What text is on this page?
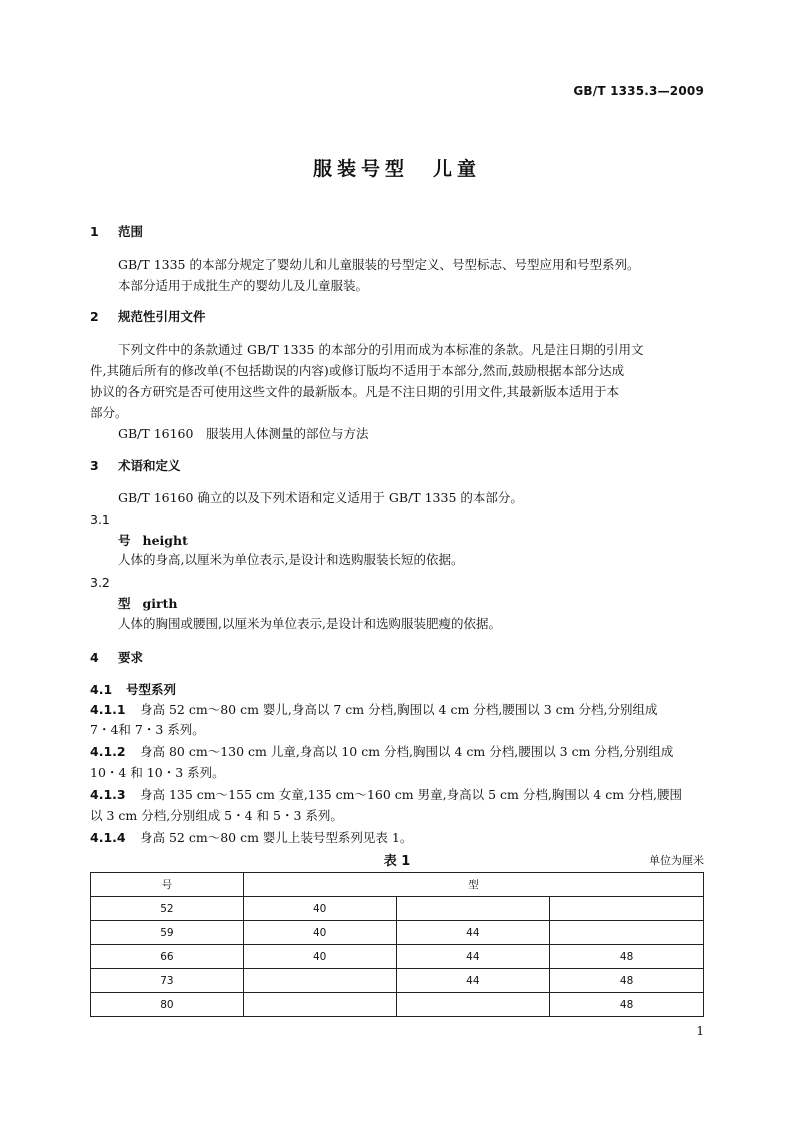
GB/T 1335.3—2009
服装号型　儿童
1 范围
GB/T 1335 的本部分规定了婴幼儿和儿童服装的号型定义、号型标志、号型应用和号型系列。
本部分适用于成批生产的婴幼儿及儿童服装。
2 规范性引用文件
下列文件中的条款通过 GB/T 1335 的本部分的引用而成为本标准的条款。凡是注日期的引用文
件,其随后所有的修改单(不包括勘误的内容)或修订版均不适用于本部分,然而,鼓励根据本部分达成
协议的各方研究是否可使用这些文件的最新版本。凡是不注日期的引用文件,其最新版本适用于本
部分。
GB/T 16160　服装用人体测量的部位与方法
3 术语和定义
GB/T 16160 确立的以及下列术语和定义适用于 GB/T 1335 的本部分。
3.1
号 height
人体的身高,以厘米为单位表示,是设计和选购服装长短的依据。
3.2
型 girth
人体的胸围或腰围,以厘米为单位表示,是设计和选购服装肥瘦的依据。
4 要求
4.1 号型系列
4.1.1 身高 52 cm～80 cm 婴儿,身高以 7 cm 分档,胸围以 4 cm 分档,腰围以 3 cm 分档,分别组成
7・4和 7・3 系列。
4.1.2 身高 80 cm～130 cm 儿童,身高以 10 cm 分档,胸围以 4 cm 分档,腰围以 3 cm 分档,分别组成
10・4 和 10・3 系列。
4.1.3 身高 135 cm～155 cm 女童,135 cm～160 cm 男童,身高以 5 cm 分档,胸围以 4 cm 分档,腰围
以 3 cm 分档,分别组成 5・4 和 5・3 系列。
4.1.4 身高 52 cm～80 cm 婴儿上装号型系列见表 1。
表 1	单位为厘米
号	型		
52	40		
59	40	44	
66	40	44	48
73		44	48
80			48
1
